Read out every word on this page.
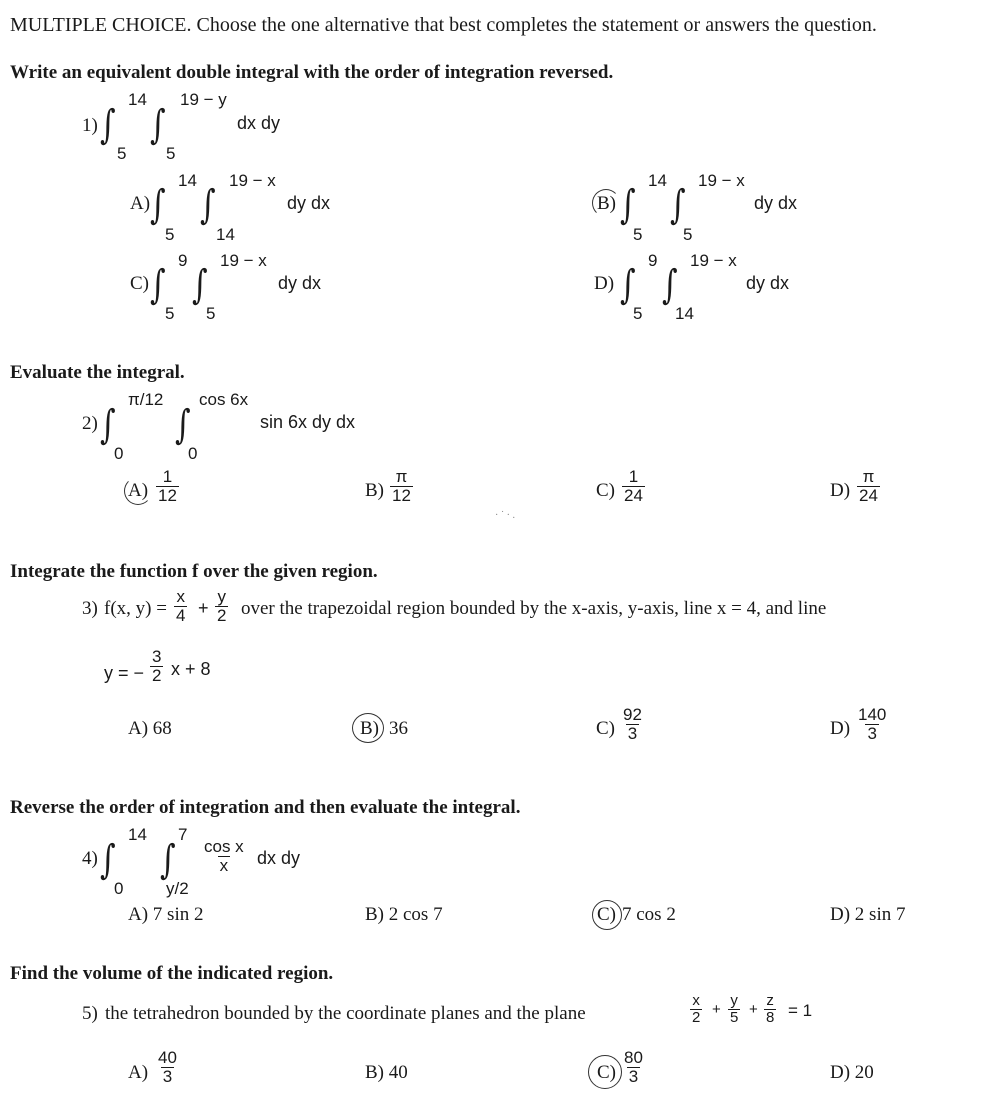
MULTIPLE CHOICE. Choose the one alternative that best completes the statement or answers the question.
Write an equivalent double integral with the order of integration reversed.
1) ∫
14
5
∫
19 − y
5
dx dy
A) ∫
14
5
∫
19 − x
14
dy dx	B) ∫
14
5
∫
19 − x
5
dy dx
C) ∫
9
5
∫
19 − x
5
dy dx	D) ∫
9
5
∫
19 − x
14
dy dx
Evaluate the integral.
2) ∫
π/12
0
∫
cos 6x
0
sin 6x dy dx
$A) \frac{1}{12}$	$B) \frac{\pi}{12}$	$C) \frac{1}{24}$	$D) \frac{\pi}{24}$
· ˙ · .
Integrate the function f over the given region.
3) f(x, $y) = \frac{x}{4} + \frac{y}{2}$ over the trapezoidal region bounded by the x-axis, y-axis, line x = 4, and line
y = − $\frac{3}{2}$ x + 8
A) 68	B) 36	$C) \frac{92}{3}$	$D) \frac{140}{3}$
Reverse the order of integration and then evaluate the integral.
4) ∫
14
0
∫
7
y/2
$\frac{\text{cos x}}{x}$ dx dy
A) 7 sin 2	B) 2 cos 7	C) 7 cos 2	D) 2 sin 7
Find the volume of the indicated region.
5) the tetrahedron bounded by the coordinate planes and the plane	$\frac{x}{2} + \frac{y}{5} + \frac{z}{8} = 1$
$A) \frac{40}{3}$	B) 40	$C) \frac{80}{3}$	D) 20
